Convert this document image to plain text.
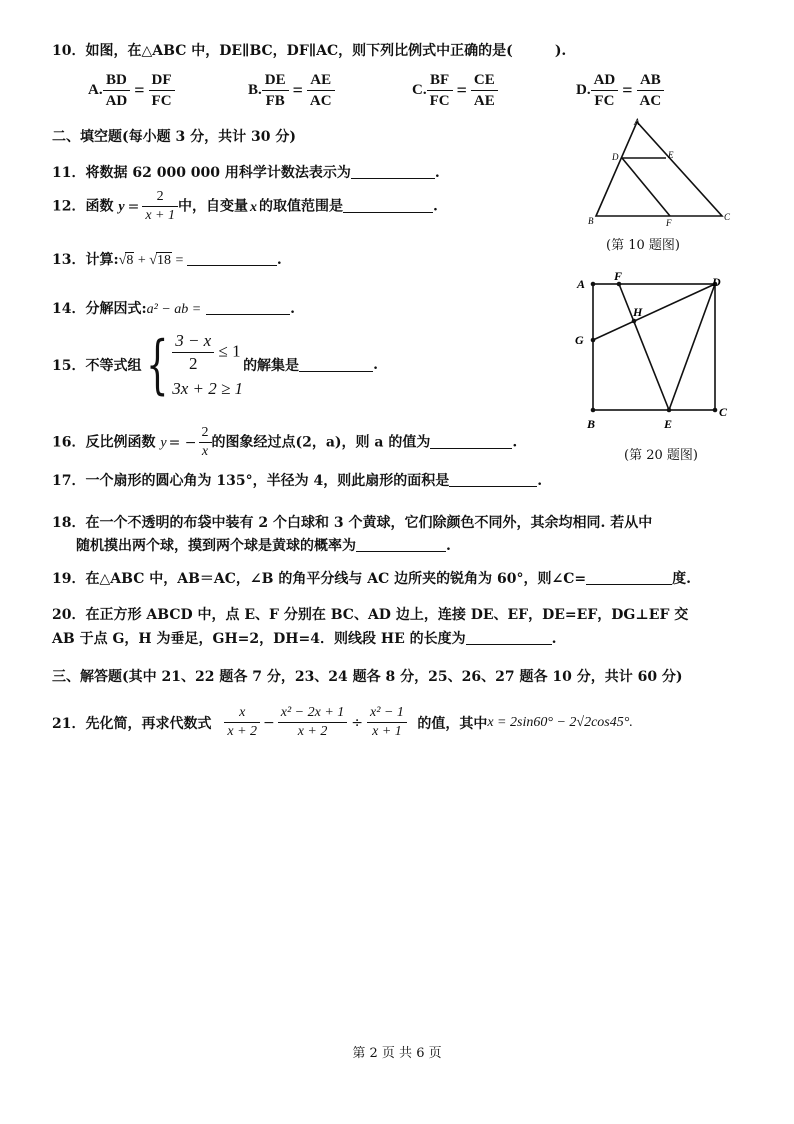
10．如图，在△ABC 中，DE∥BC，DF∥AC，则下列比例式中正确的是(	).
A. $\frac{BD}{AD} = \frac{DF}{FC}$	B. $\frac{DE}{FB} = \frac{AE}{AC}$	C. $\frac{BF}{FC} = \frac{CE}{AE}$	D. $\frac{AD}{FC} = \frac{AB}{AC}$
二、填空题(每小题 3 分，共计 30 分)
11．将数据 62 000 000 用科学计数法表示为	.
12．函数 $y = \frac{2}{x + 1}$ 中，自变量 x 的取值范围是	.
13．计算:√8 + √18 =	.
14．分解因式:a² − ab =	.
15．不等式组{ $\frac{3 - x}{2} \le 1$
3x + 2 ≥ 1
的解集是	.
16．反比例函数 y = − $\frac{2}{x}$ 的图象经过点(2，a)，则 a 的值为	.
17．一个扇形的圆心角为 135°，半径为 4，则此扇形的面积是	.
18．在一个不透明的布袋中装有 2 个白球和 3 个黄球，它们除颜色不同外，其余均相同. 若从中
随机摸出两个球，摸到两个球是黄球的概率为	.
19．在△ABC 中，AB＝AC，∠B 的角平分线与 AC 边所夹的锐角为 60°，则∠C=	度.
20．在正方形 ABCD 中，点 E、F 分别在 BC、AD 边上，连接 DE、EF，DE=EF，DG⊥EF 交
AB 于点 G，H 为垂足，GH=2，DH=4．则线段 HE 的长度为	.
三、解答题(其中 21、22 题各 7 分，23、24 题各 8 分，25、26、27 题各 10 分，共计 60 分)
21．先化简，再求代数式 $\frac{x}{x + 2} - \frac{\text{x² − 2x + 1}}{x + 2} \div \frac{\text{x² − 1}}{x + 1}$ 的值，其中x = 2sin60° − 2√2cos45°.
A
D	E
B	F
C
(第 10 题图)
A
F	D
G
H
B	E
C
(第 20 题图)
第 2 页 共 6 页
